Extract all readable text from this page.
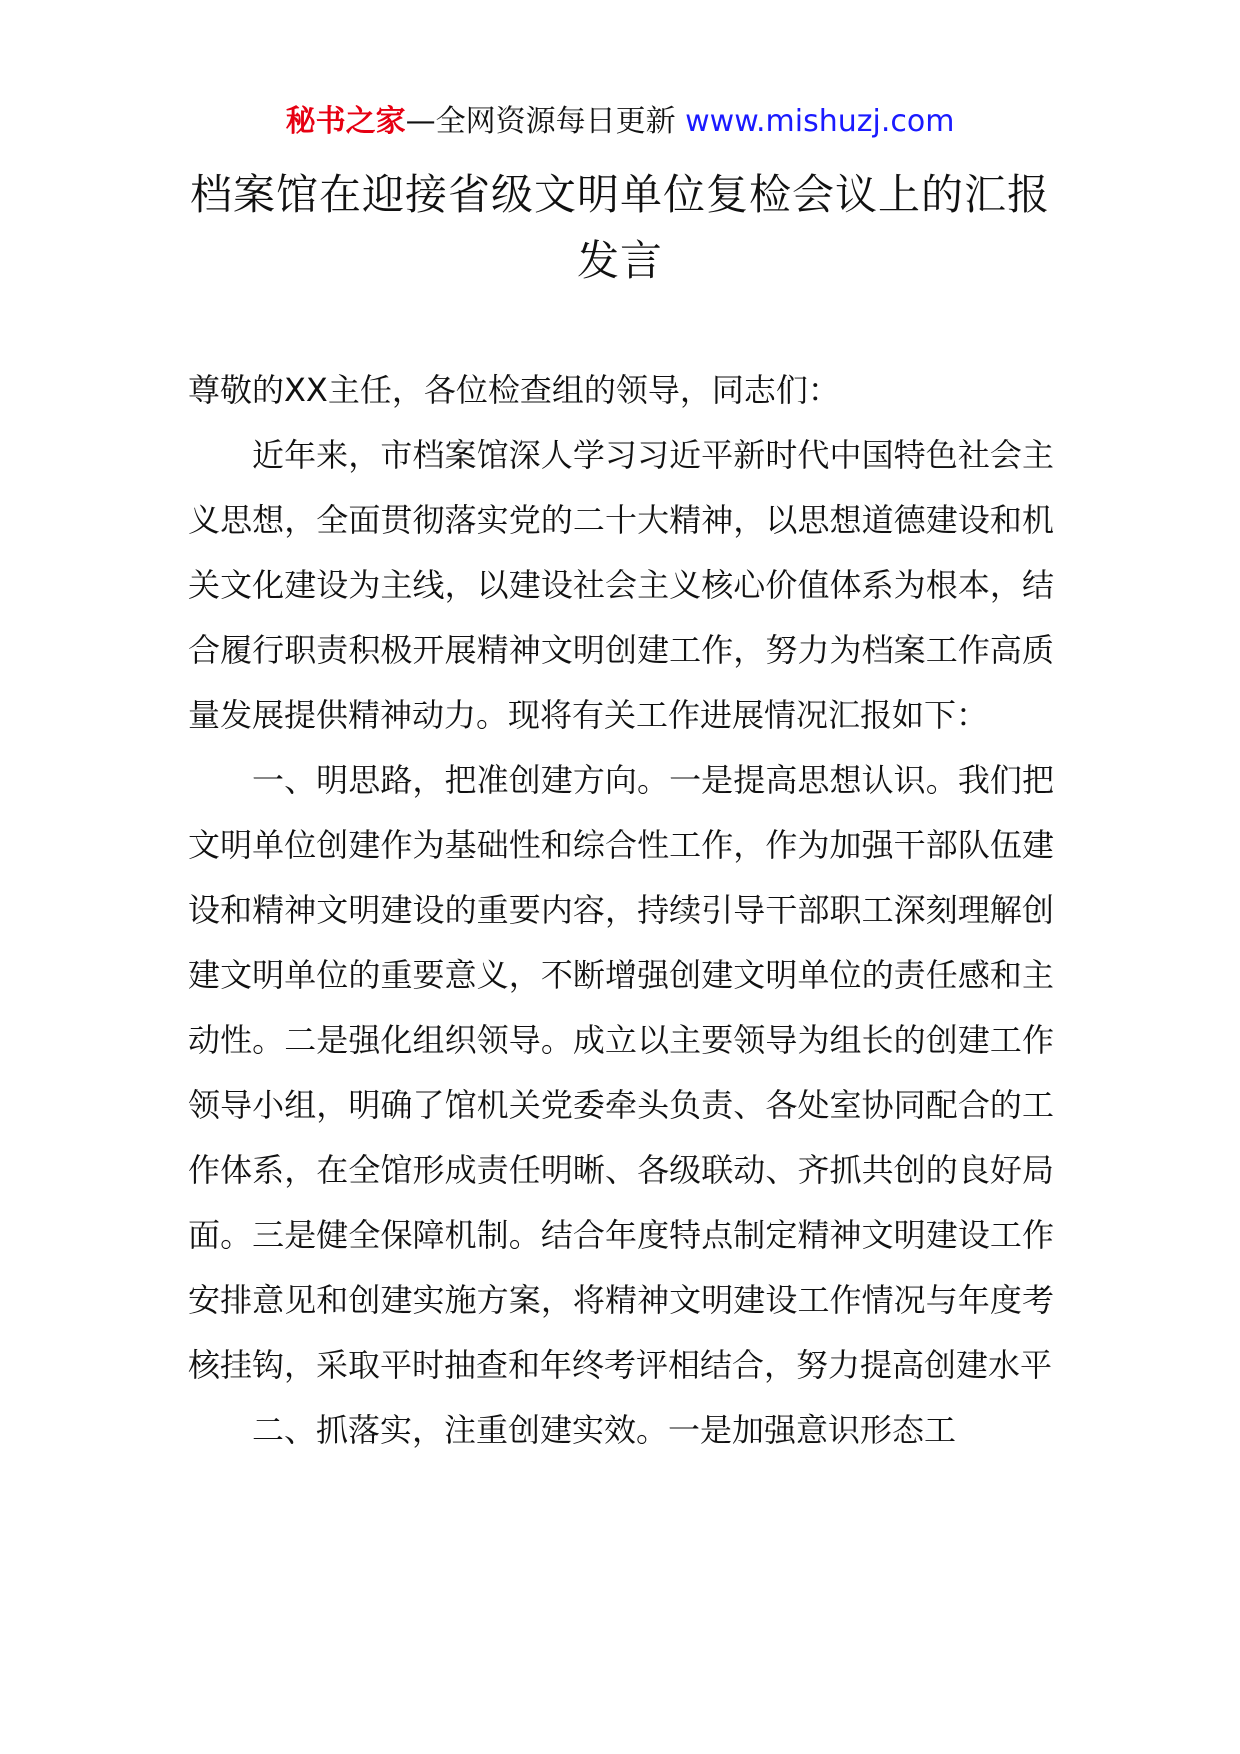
秘书之家—全网资源每日更新 www.mishuzj.com
档案馆在迎接省级文明单位复检会议上的汇报
发言

尊敬的XX主任，各位检查组的领导，同志们：

近年来，市档案馆深人学习习近平新时代中国特色社会主义思想，全面贯彻落实党的二十大精神，以思想道德建设和机关文化建设为主线，以建设社会主义核心价值体系为根本，结合履行职责积极开展精神文明创建工作，努力为档案工作高质量发展提供精神动力。现将有关工作进展情况汇报如下：

一、明思路，把准创建方向。一是提高思想认识。我们把文明单位创建作为基础性和综合性工作，作为加强干部队伍建设和精神文明建设的重要内容，持续引导干部职工深刻理解创建文明单位的重要意义，不断增强创建文明单位的责任感和主动性。二是强化组织领导。成立以主要领导为组长的创建工作领导小组，明确了馆机关党委牵头负责、各处室协同配合的工作体系，在全馆形成责任明晰、各级联动、齐抓共创的良好局面。三是健全保障机制。结合年度特点制定精神文明建设工作安排意见和创建实施方案，将精神文明建设工作情况与年度考核挂钩，采取平时抽查和年终考评相结合，努力提高创建水平

二、抓落实，注重创建实效。一是加强意识形态工
